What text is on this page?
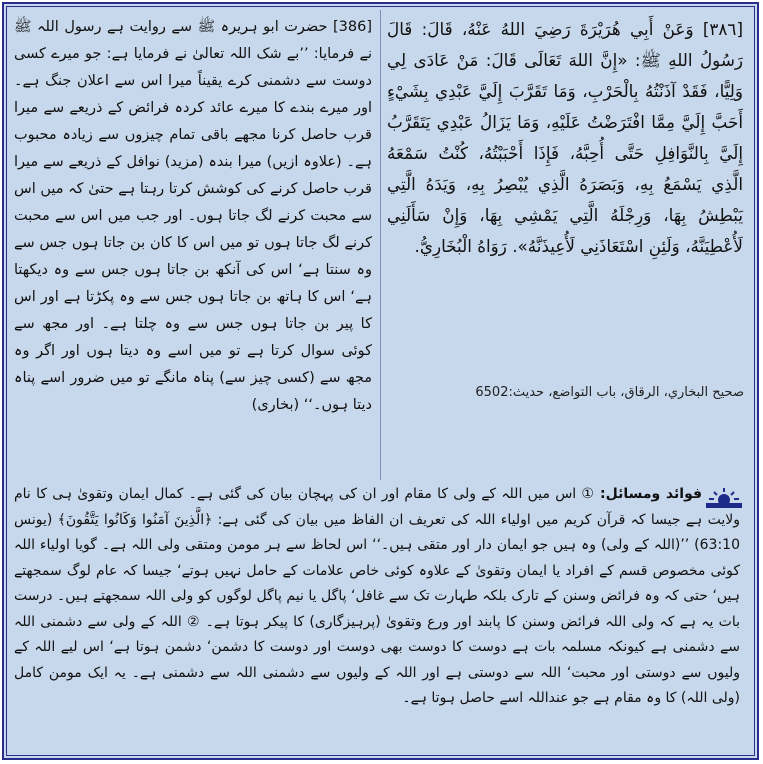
[٣٨٦] وَعَنْ أَبِي هُرَيْرَةَ رَضِيَ اللهُ عَنْهُ، قَالَ: قَالَ رَسُولُ اللهِ ﷺ: «إِنَّ اللهَ تَعَالَى قَالَ: مَنْ عَادَى لِي وَلِيًّا، فَقَدْ آذَنْتُهُ بِالْحَرْبِ، وَمَا تَقَرَّبَ إِلَيَّ عَبْدِي بِشَيْءٍ أَحَبَّ إِلَيَّ مِمَّا افْتَرَضْتُ عَلَيْهِ، وَمَا يَزَالُ عَبْدِي يَتَقَرَّبُ إِلَيَّ بِالنَّوَافِلِ حَتَّى أُحِبَّهُ، فَإِذَا أَحْبَبْتُهُ، كُنْتُ سَمْعَهُ الَّذِي يَسْمَعُ بِهِ، وَبَصَرَهُ الَّذِي يُبْصِرُ بِهِ، وَيَدَهُ الَّتِي يَبْطِشُ بِهَا، وَرِجْلَهُ الَّتِي يَمْشِي بِهَا، وَإِنْ سَأَلَنِي لَأُعْطِيَنَّهُ، وَلَئِنِ اسْتَعَاذَنِي لَأُعِيذَنَّهُ». رَوَاهُ الْبُخَارِيُّ.
صحيح البخاري، الرقاق، باب التواضع، حديث:6502
[386] حضرت ابو ہریرہ ﷺ سے روایت ہے رسول اللہ ﷺ نے فرمایا: ’’بے شک اللہ تعالیٰ نے فرمایا ہے: جو میرے کسی دوست سے دشمنی کرے یقیناً میرا اس سے اعلان جنگ ہے۔ اور میرے بندے کا میرے عائد کردہ فرائض کے ذریعے سے میرا قرب حاصل کرنا مجھے باقی تمام چیزوں سے زیادہ محبوب ہے۔ (علاوہ ازیں) میرا بندہ (مزید) نوافل کے ذریعے سے میرا قرب حاصل کرنے کی کوشش کرتا رہتا ہے حتیٰ کہ میں اس سے محبت کرنے لگ جاتا ہوں۔ اور جب میں اس سے محبت کرنے لگ جاتا ہوں تو میں اس کا کان بن جاتا ہوں جس سے وہ سنتا ہے‘ اس کی آنکھ بن جاتا ہوں جس سے وہ دیکھتا ہے‘ اس کا ہاتھ بن جاتا ہوں جس سے وہ پکڑتا ہے اور اس کا پیر بن جاتا ہوں جس سے وہ چلتا ہے۔ اور مجھ سے کوئی سوال کرتا ہے تو میں اسے وہ دیتا ہوں اور اگر وہ مجھ سے (کسی چیز سے) پناہ مانگے تو میں ضرور اسے پناہ دیتا ہوں۔‘‘ (بخاری)
فوائد ومسائل: ① اس میں اللہ کے ولی کا مقام اور ان کی پہچان بیان کی گئی ہے۔ کمال ایمان وتقویٰ ہی کا نام ولایت ہے جیسا کہ قرآن کریم میں اولیاء اللہ کی تعریف ان الفاظ میں بیان کی گئی ہے: ﴿الَّذِينَ آمَنُوا وَكَانُوا يَتَّقُونَ﴾ (یونس 63:10) ’’(اللہ کے ولی) وہ ہیں جو ایمان دار اور متقی ہیں۔‘‘ اس لحاظ سے ہر مومن ومتقی ولی اللہ ہے۔ گویا اولیاء اللہ کوئی مخصوص قسم کے افراد یا ایمان وتقویٰ کے علاوہ کوئی خاص علامات کے حامل نہیں ہوتے‘ جیسا کہ عام لوگ سمجھتے ہیں‘ حتی کہ وہ فرائض وسنن کے تارک بلکہ طہارت تک سے غافل‘ پاگل یا نیم پاگل لوگوں کو ولی اللہ سمجھتے ہیں۔ درست بات یہ ہے کہ ولی اللہ فرائض وسنن کا پابند اور ورع وتقویٰ (پرہیزگاری) کا پیکر ہوتا ہے۔ ② اللہ کے ولی سے دشمنی اللہ سے دشمنی ہے کیونکہ مسلمہ بات ہے دوست کا دوست بھی دوست اور دوست کا دشمن‘ دشمن ہوتا ہے‘ اس لیے اللہ کے ولیوں سے دوستی اور محبت‘ اللہ سے دوستی ہے اور اللہ کے ولیوں سے دشمنی اللہ سے دشمنی ہے۔ یہ ایک مومن کامل (ولی اللہ) کا وہ مقام ہے جو عنداللہ اسے حاصل ہوتا ہے۔
